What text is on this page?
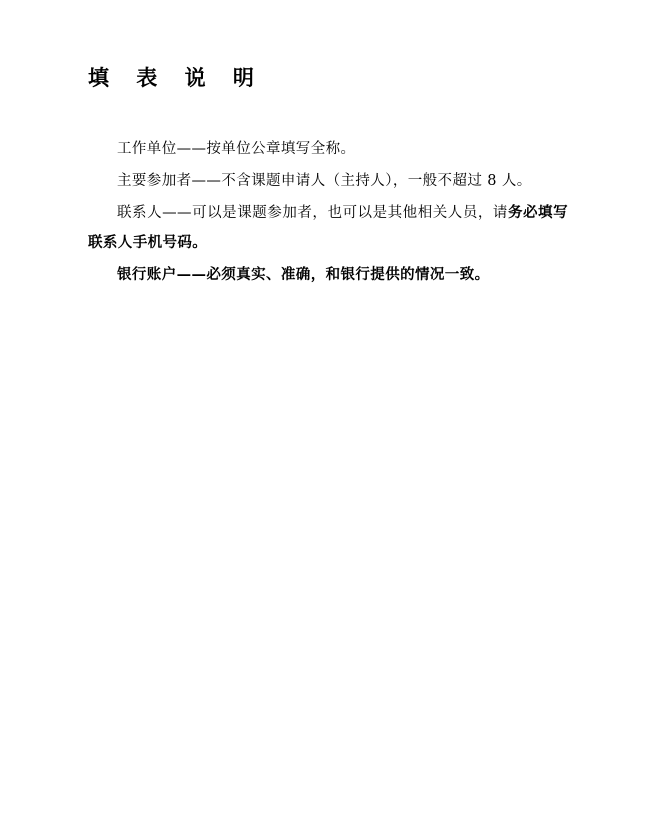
填 表 说 明

工作单位——按单位公章填写全称。

主要参加者——不含课题申请人（主持人），一般不超过 8 人。

联系人——可以是课题参加者，也可以是其他相关人员，请务必填写联系人手机号码。

银行账户——必须真实、准确，和银行提供的情况一致。
